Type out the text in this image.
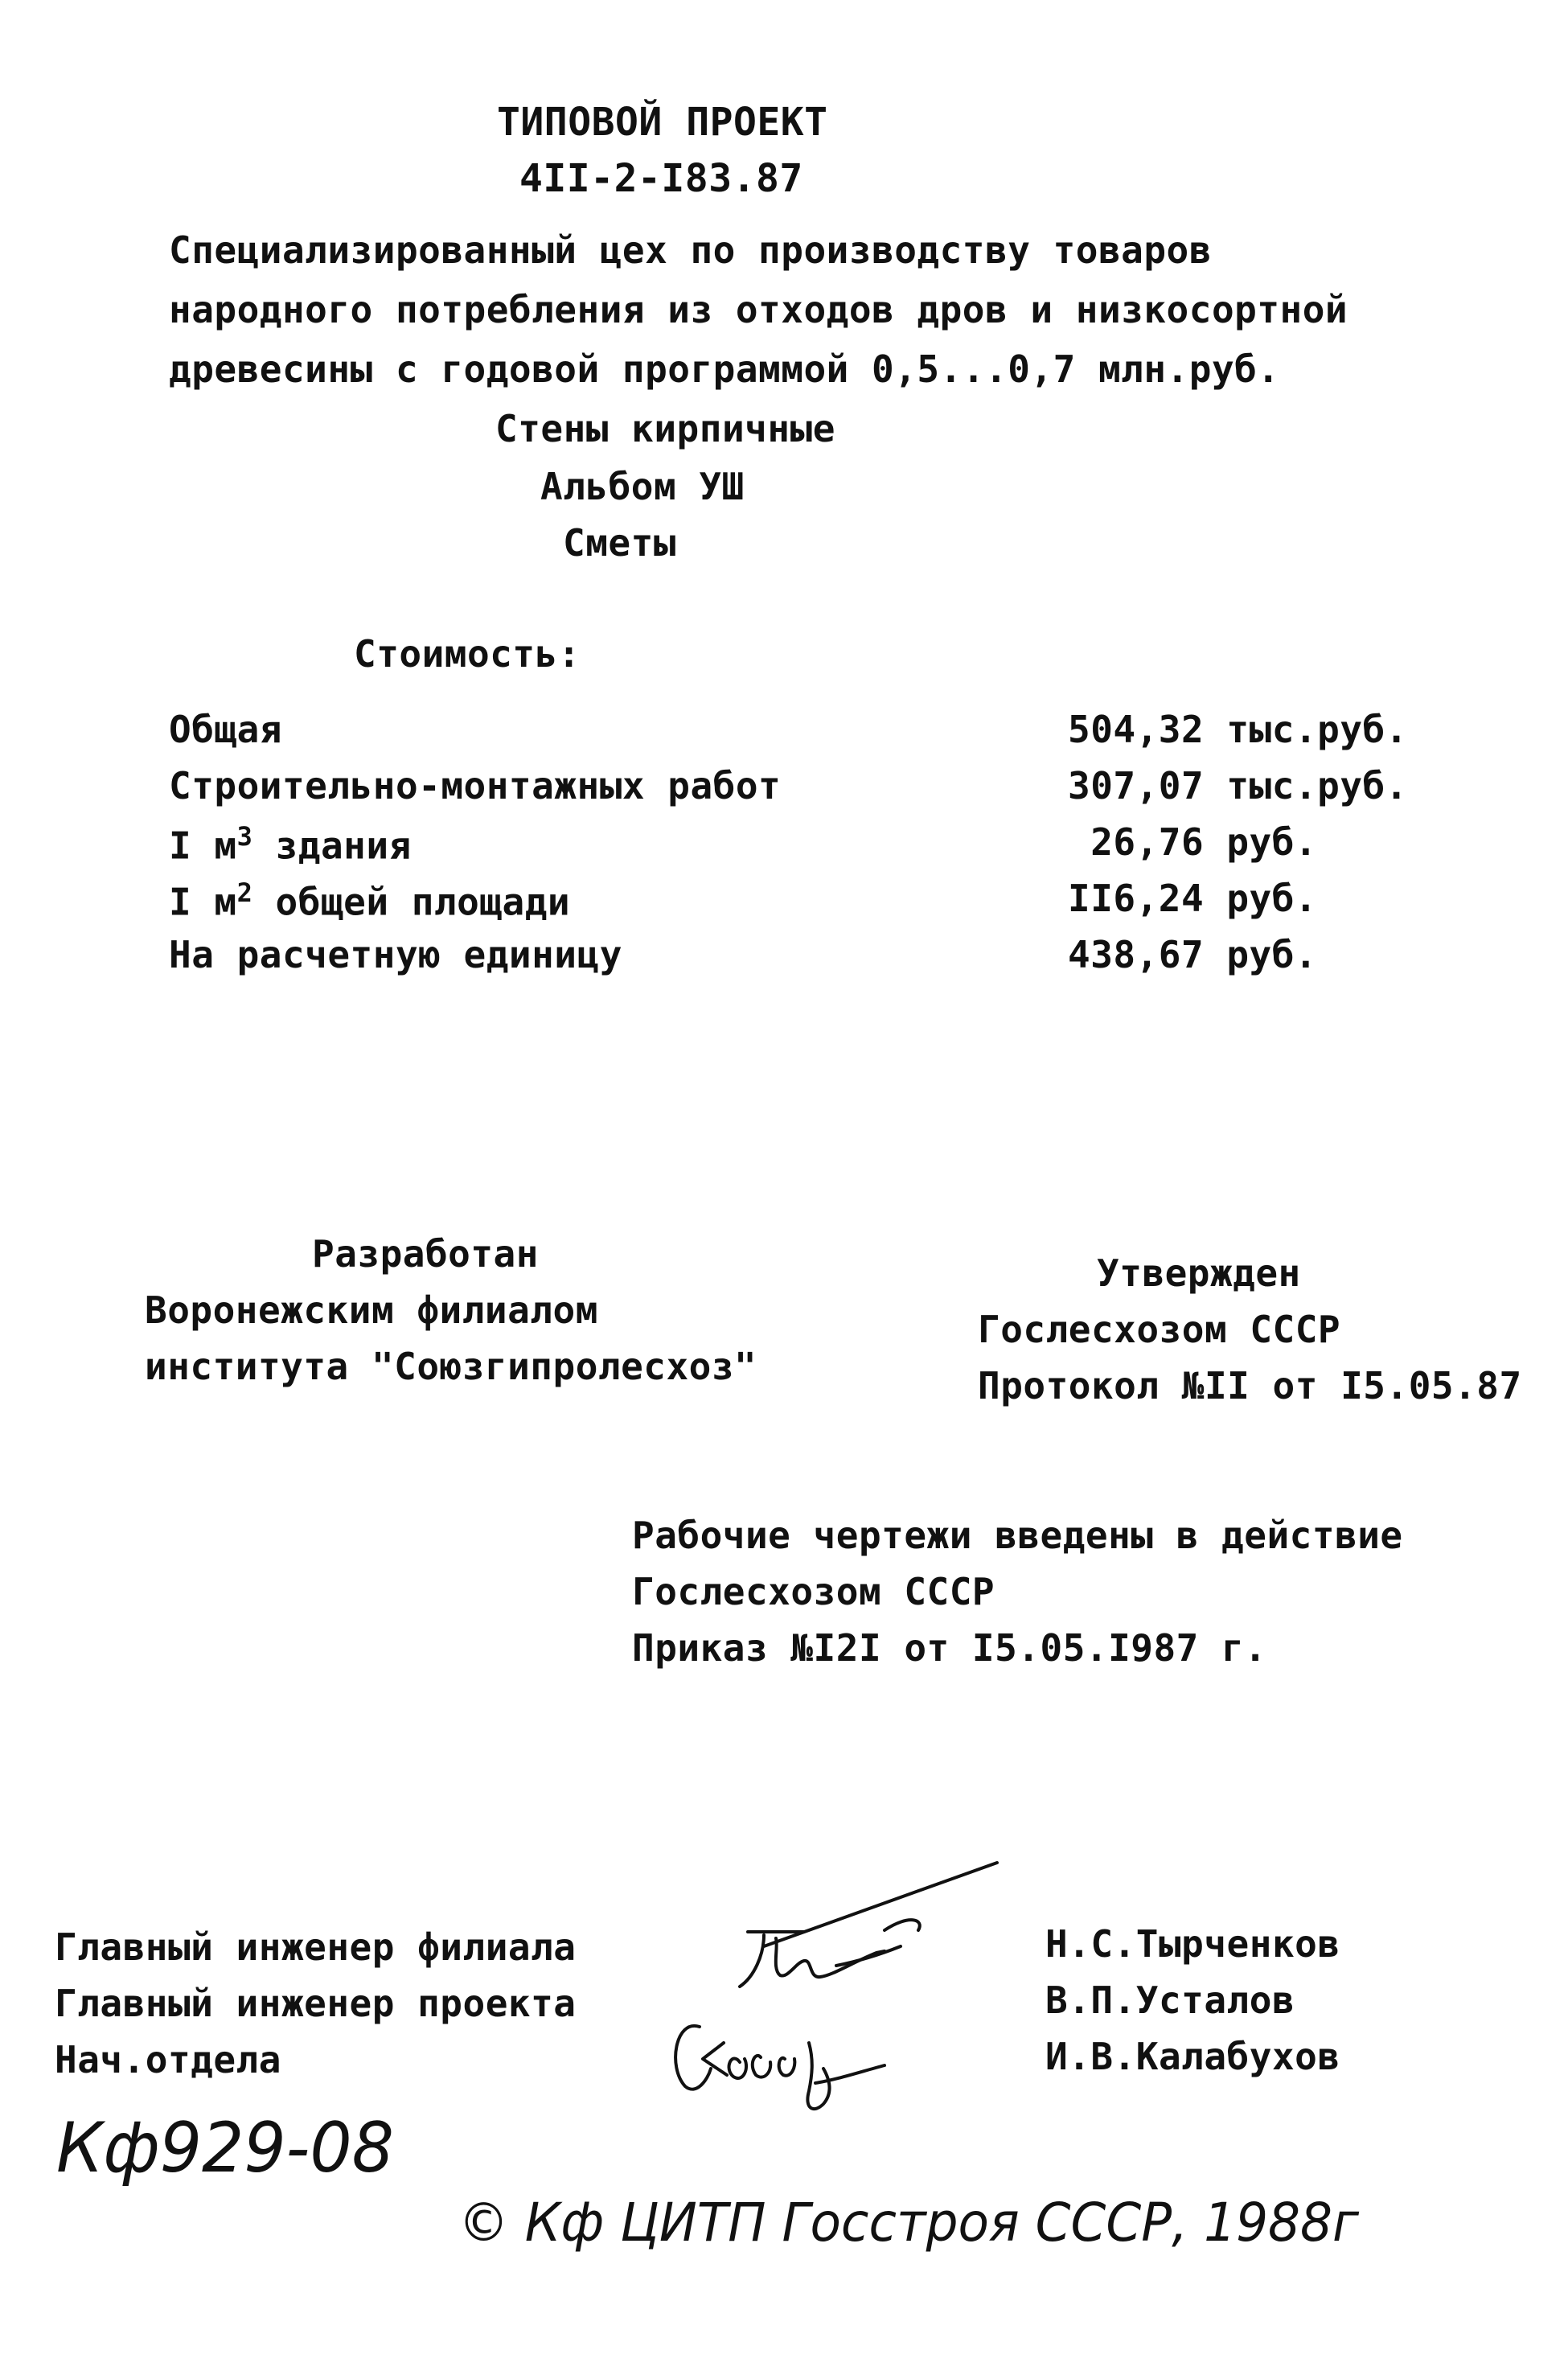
ТИПОВОЙ ПРОЕКТ
4II-2-I83.87
Специализированный цех по производству товаров
народного потребления из отходов дров и низкосортной
древесины с годовой программой 0,5...0,7 млн.руб.
Стены кирпичные
Альбом УШ
Сметы
Стоимость:
Общая	504,32 тыс.руб.
Строительно-монтажных работ	307,07 тыс.руб.
I $м^3$ здания	26,76 руб.
I $м^2$ общей площади	II6,24 руб.
На расчетную единицу	438,67 руб.
Разработан
Воронежским филиалом
института "Союзгипролесхоз"
Утвержден
Гослесхозом СССР
Протокол №II от I5.05.87
Рабочие чертежи введены в действие
Гослесхозом СССР
Приказ №I2I от I5.05.I987 г.
Главный инженер филиала	Н.С.Тырченков
Главный инженер проекта	В.П.Усталов
Нач.отдела	И.В.Калабухов
Кф929-08
© Кф ЦИТП Госстроя СССР, 1988г
